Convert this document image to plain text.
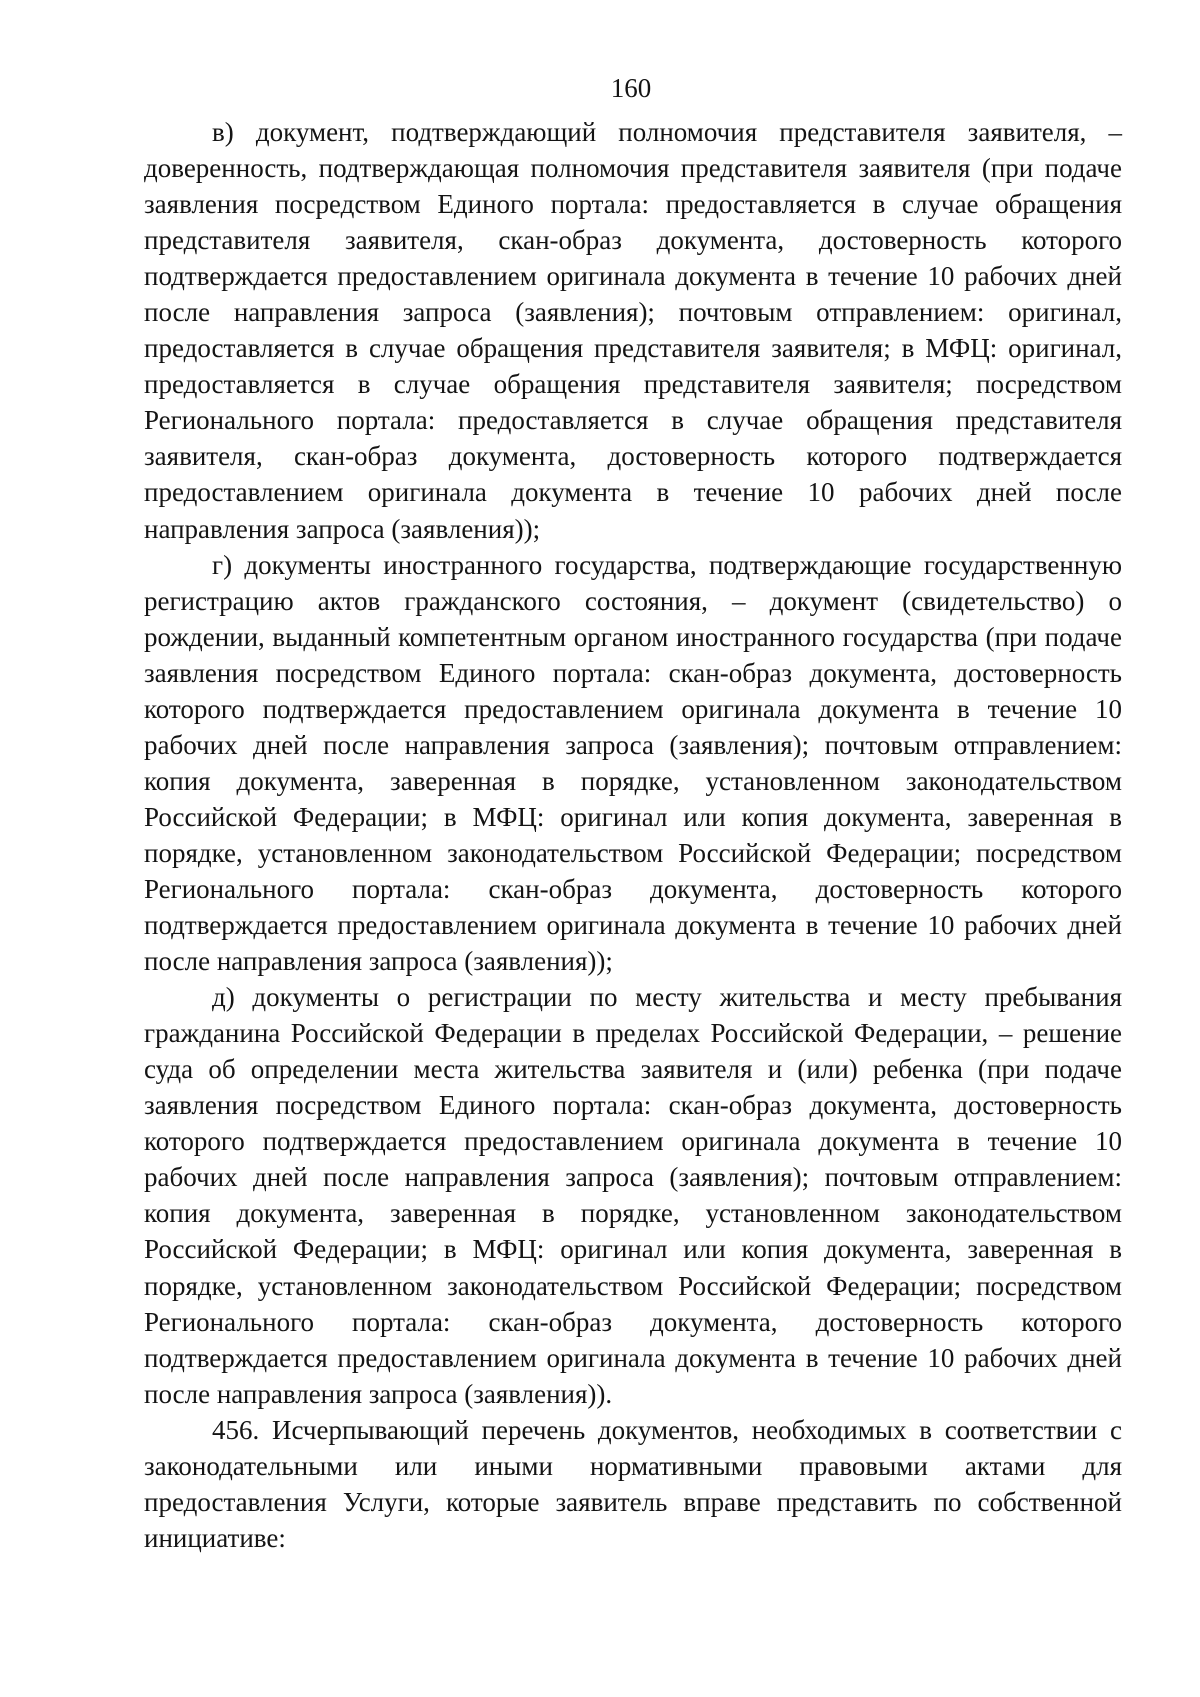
160

в) документ, подтверждающий полномочия представителя заявителя, – доверенность, подтверждающая полномочия представителя заявителя (при подаче заявления посредством Единого портала: предоставляется в случае обращения представителя заявителя, скан-образ документа, достоверность которого подтверждается предоставлением оригинала документа в течение 10 рабочих дней после направления запроса (заявления); почтовым отправлением: оригинал, предоставляется в случае обращения представителя заявителя; в МФЦ: оригинал, предоставляется в случае обращения представителя заявителя; посредством Регионального портала: предоставляется в случае обращения представителя заявителя, скан-образ документа, достоверность которого подтверждается предоставлением оригинала документа в течение 10 рабочих дней после направления запроса (заявления));

г) документы иностранного государства, подтверждающие государственную регистрацию актов гражданского состояния, – документ (свидетельство) о рождении, выданный компетентным органом иностранного государства (при подаче заявления посредством Единого портала: скан-образ документа, достоверность которого подтверждается предоставлением оригинала документа в течение 10 рабочих дней после направления запроса (заявления); почтовым отправлением: копия документа, заверенная в порядке, установленном законодательством Российской Федерации; в МФЦ: оригинал или копия документа, заверенная в порядке, установленном законодательством Российской Федерации; посредством Регионального портала: скан-образ документа, достоверность которого подтверждается предоставлением оригинала документа в течение 10 рабочих дней после направления запроса (заявления));

д) документы о регистрации по месту жительства и месту пребывания гражданина Российской Федерации в пределах Российской Федерации, – решение суда об определении места жительства заявителя и (или) ребенка (при подаче заявления посредством Единого портала: скан-образ документа, достоверность которого подтверждается предоставлением оригинала документа в течение 10 рабочих дней после направления запроса (заявления); почтовым отправлением: копия документа, заверенная в порядке, установленном законодательством Российской Федерации; в МФЦ: оригинал или копия документа, заверенная в порядке, установленном законодательством Российской Федерации; посредством Регионального портала: скан-образ документа, достоверность которого подтверждается предоставлением оригинала документа в течение 10 рабочих дней после направления запроса (заявления)).

456. Исчерпывающий перечень документов, необходимых в соответствии с законодательными или иными нормативными правовыми актами для предоставления Услуги, которые заявитель вправе представить по собственной инициативе:
